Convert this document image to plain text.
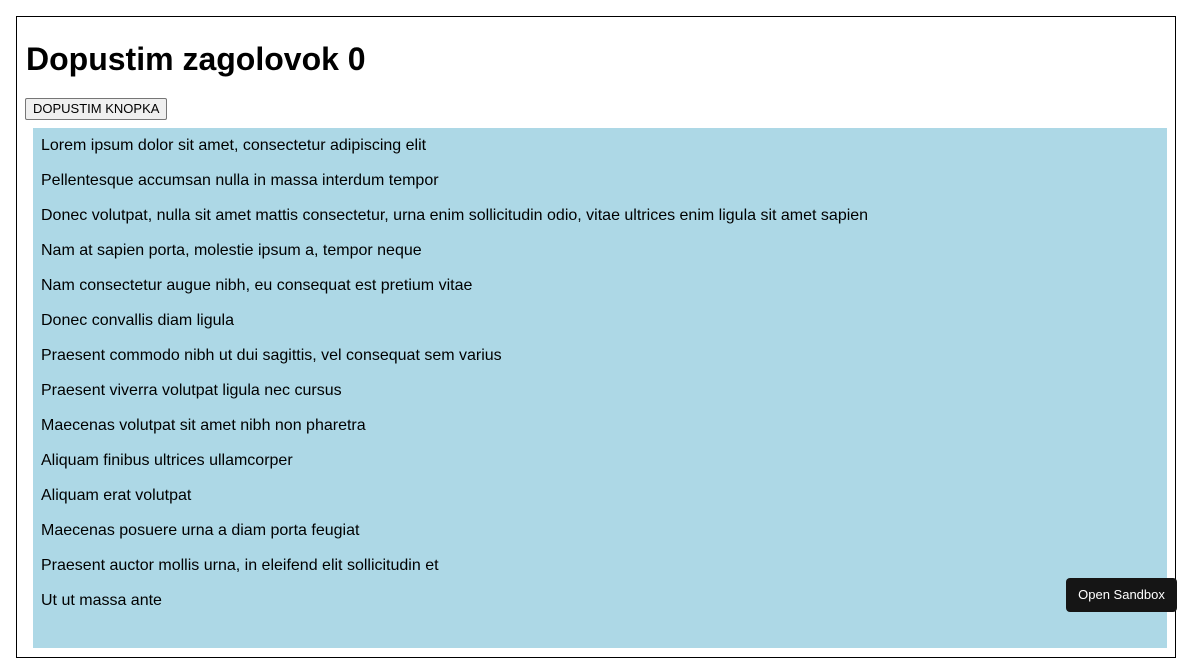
Dopustim zagolovok 0
DOPUSTIM KNOPKA
Lorem ipsum dolor sit amet, consectetur adipiscing elit
Pellentesque accumsan nulla in massa interdum tempor
Donec volutpat, nulla sit amet mattis consectetur, urna enim sollicitudin odio, vitae ultrices enim ligula sit amet sapien
Nam at sapien porta, molestie ipsum a, tempor neque
Nam consectetur augue nibh, eu consequat est pretium vitae
Donec convallis diam ligula
Praesent commodo nibh ut dui sagittis, vel consequat sem varius
Praesent viverra volutpat ligula nec cursus
Maecenas volutpat sit amet nibh non pharetra
Aliquam finibus ultrices ullamcorper
Aliquam erat volutpat
Maecenas posuere urna a diam porta feugiat
Praesent auctor mollis urna, in eleifend elit sollicitudin et
Ut ut massa ante	Open Sandbox
